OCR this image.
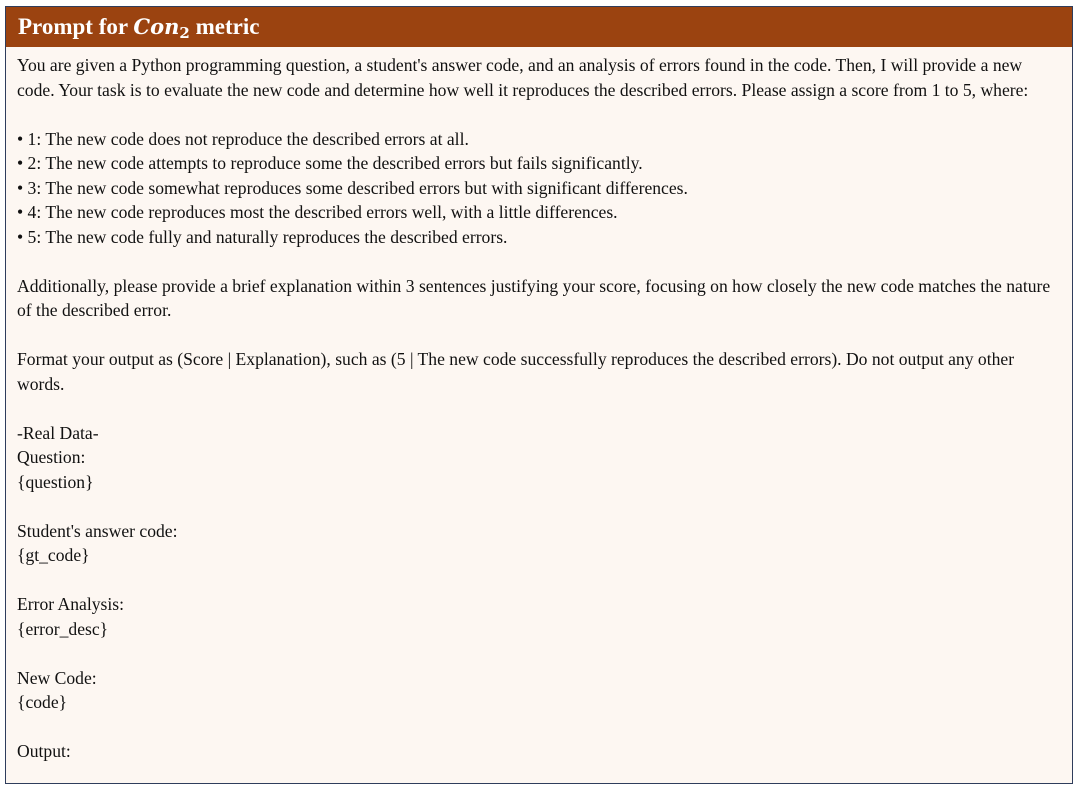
Prompt for Con2 metric

You are given a Python programming question, a student's answer code, and an analysis of errors found in the code. Then, I will provide a new code. Your task is to evaluate the new code and determine how well it reproduces the described errors. Please assign a score from 1 to 5, where:

• 1: The new code does not reproduce the described errors at all.

• 2: The new code attempts to reproduce some the described errors but fails significantly.

• 3: The new code somewhat reproduces some described errors but with significant differences.

• 4: The new code reproduces most the described errors well, with a little differences.

• 5: The new code fully and naturally reproduces the described errors.

Additionally, please provide a brief explanation within 3 sentences justifying your score, focusing on how closely the new code matches the nature of the described error.

Format your output as (Score | Explanation), such as (5 | The new code successfully reproduces the described errors). Do not output any other words.

-Real Data-

Question:

{question}

Student's answer code:

{gt_code}

Error Analysis:

{error_desc}

New Code:

{code}

Output:
